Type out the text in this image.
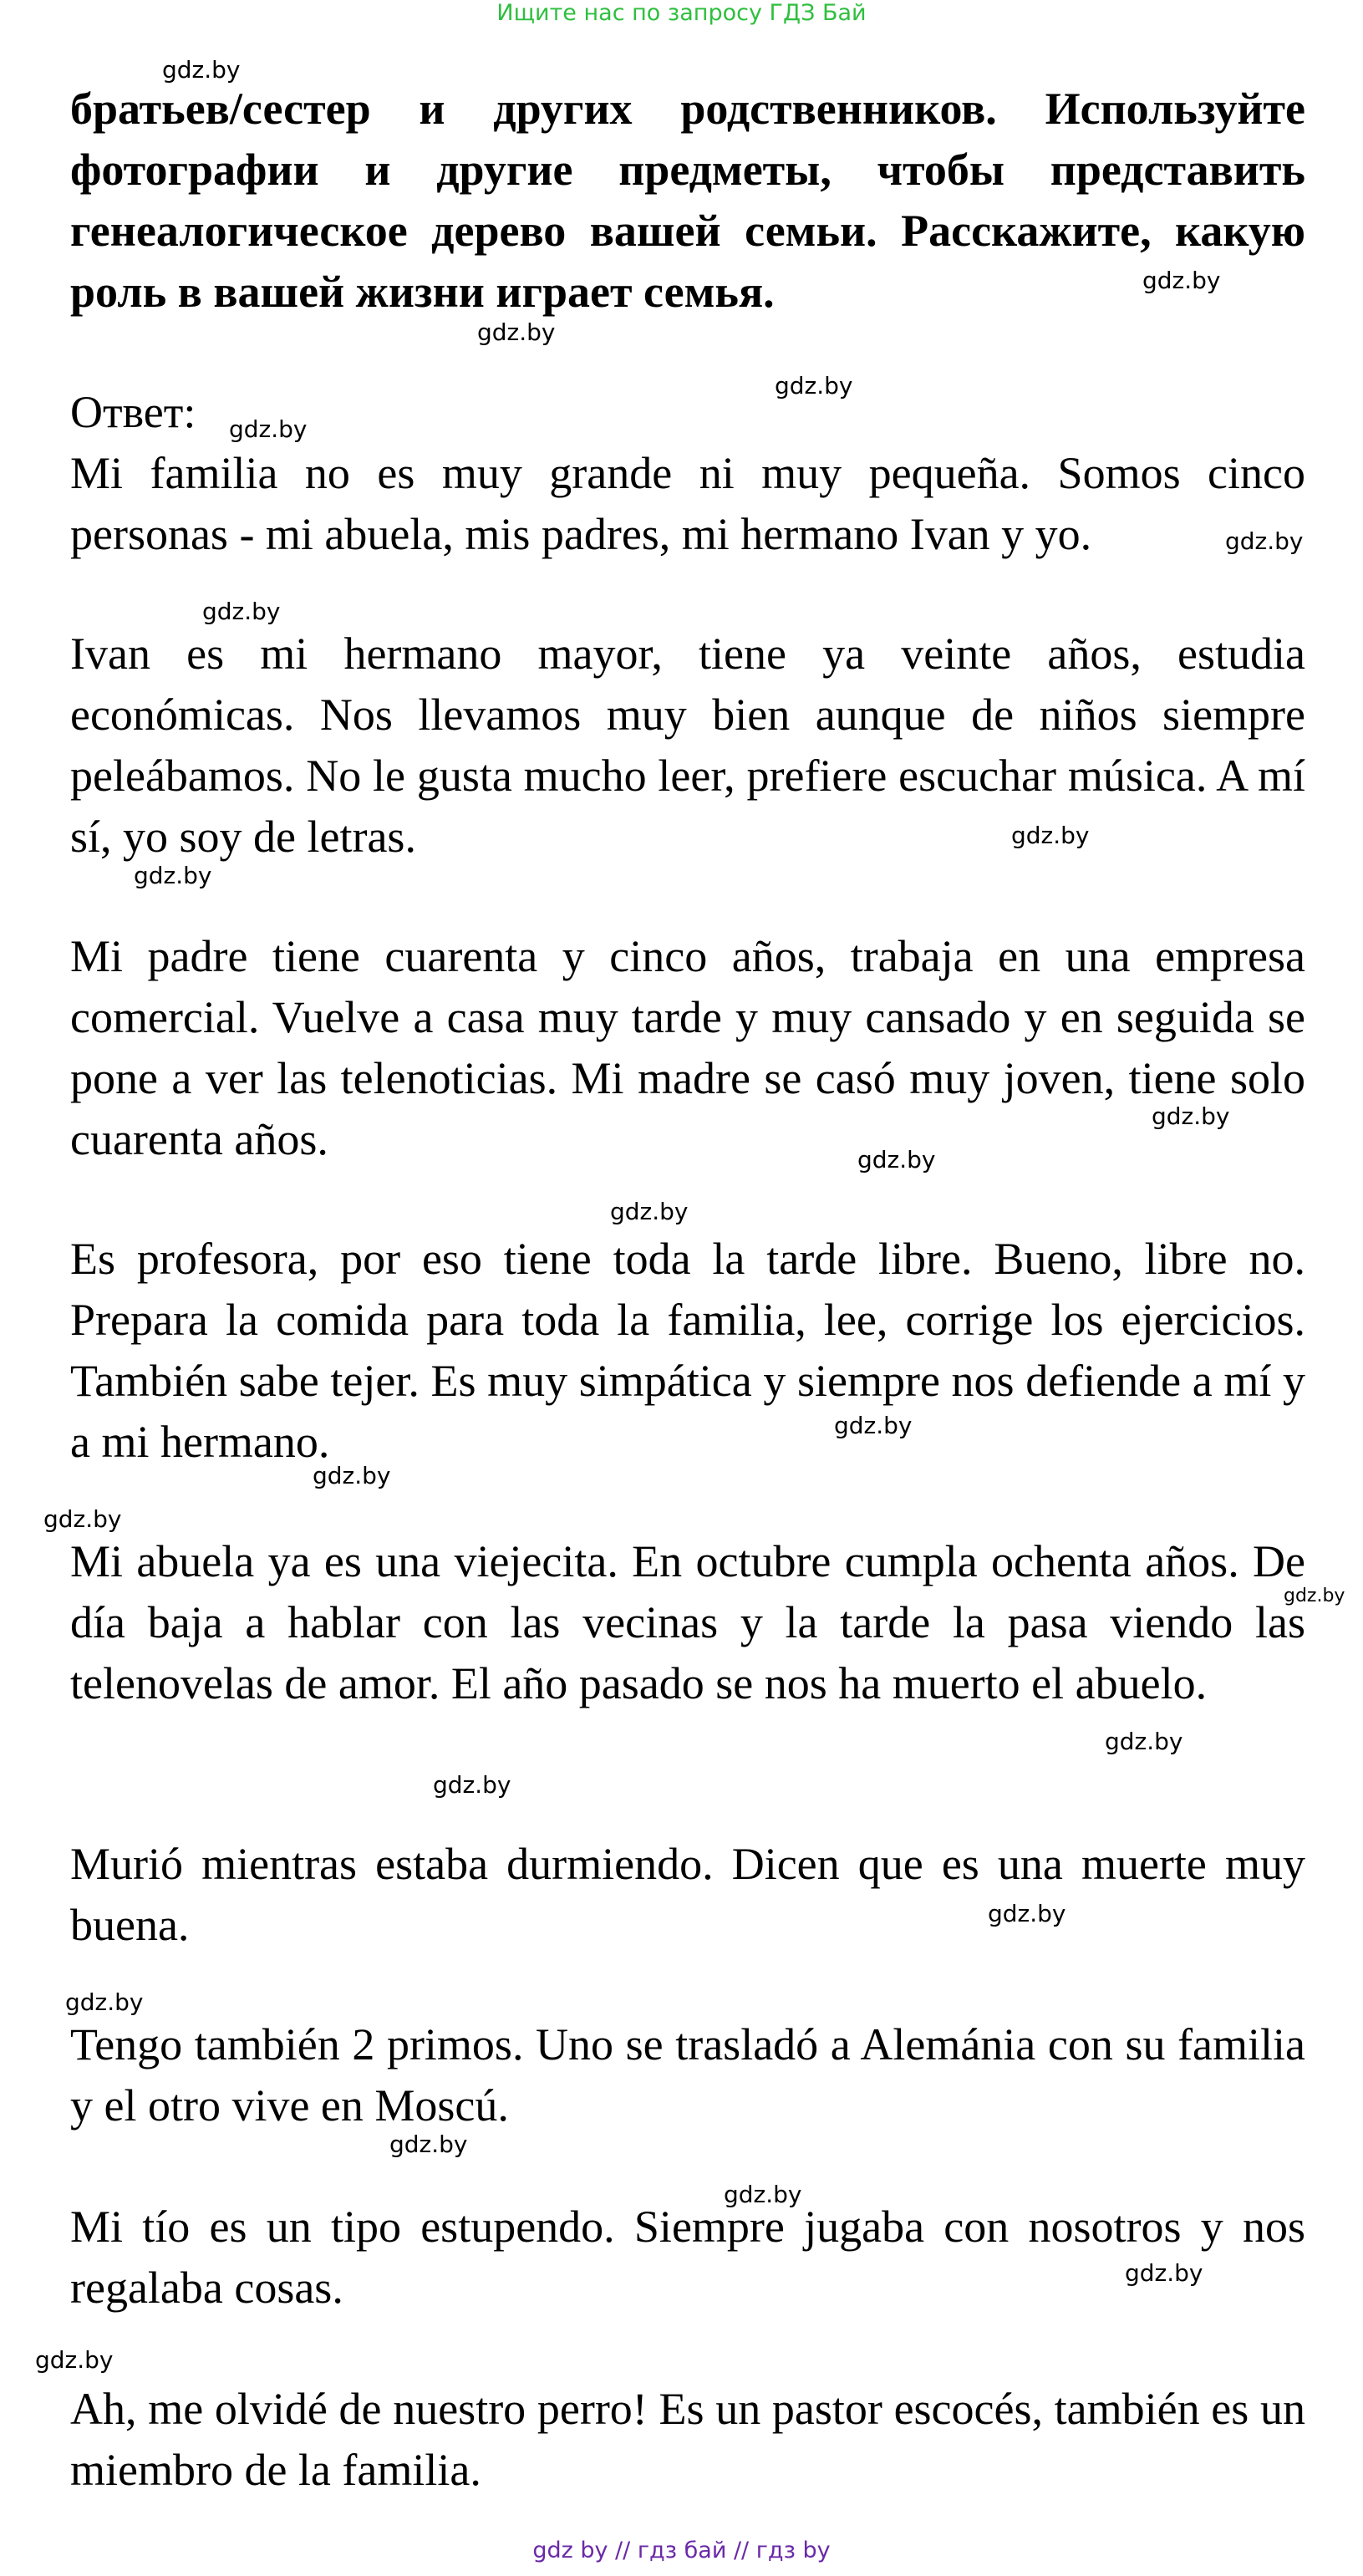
Ищите нас по запросу ГДЗ Бай

братьев/сестер и других родственников. Используйте фотографии и другие предметы, чтобы представить генеалогическое дерево вашей семьи. Расскажите, какую роль в вашей жизни играет семья.

Ответ:

Mi familia no es muy grande ni muy pequeña. Somos cinco personas - mi abuela, mis padres, mi hermano Ivan y yo.

Ivan es mi hermano mayor, tiene ya veinte años, estudia económicas. Nos llevamos muy bien aunque de niños siempre peleábamos. No le gusta mucho leer, prefiere escuchar música. A mí sí, yo soy de letras.

Mi padre tiene cuarenta y cinco años, trabaja en una empresa comercial. Vuelve a casa muy tarde y muy cansado y en seguida se pone a ver las telenoticias. Mi madre se casó muy joven, tiene solo cuarenta años.

Es profesora, por eso tiene toda la tarde libre. Bueno, libre no. Prepara la comida para toda la familia, lee, corrige los ejercicios. También sabe tejer. Es muy simpática y siempre nos defiende a mí y a mi hermano.

Mi abuela ya es una viejecita. En octubre cumpla ochenta años. De día baja a hablar con las vecinas y la tarde la pasa viendo las telenovelas de amor. El año pasado se nos ha muerto el abuelo.

Murió mientras estaba durmiendo. Dicen que es una muerte muy buena.

Tengo también 2 primos. Uno se trasladó a Alemánia con su familia y el otro vive en Moscú.

Mi tío es un tipo estupendo. Siempre jugaba con nosotros y nos regalaba cosas.

Ah, me olvidé de nuestro perro! Es un pastor escocés, también es un miembro de la familia.

gdz.by
gdz.by
gdz.by
gdz.by
gdz.by
gdz.by
gdz.by
gdz.by
gdz.by
gdz.by
gdz.by
gdz.by
gdz.by
gdz.by
gdz.by
gdz.by
gdz.by
gdz.by
gdz.by
gdz.by
gdz.by
gdz.by
gdz.by
gdz.by
gdz by // гдз бай // гдз by
